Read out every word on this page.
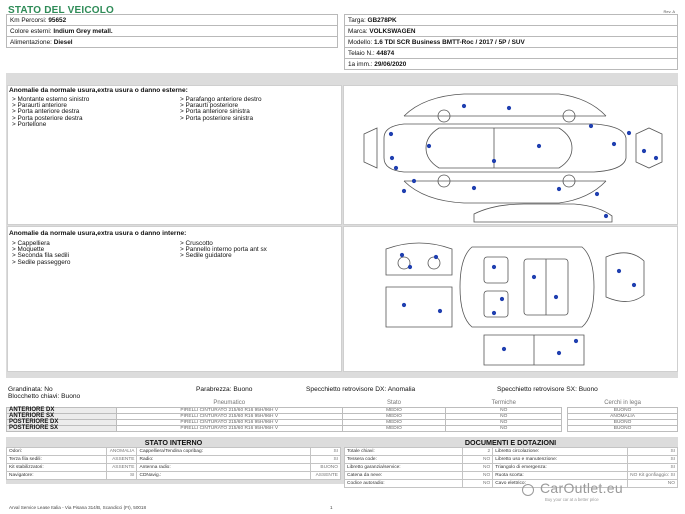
STATO DEL VEICOLO	Rev. A
Km Percorsi: 95652
Colore esterni: Indium Grey metall.
Alimentazione: Diesel
Targa: GB278PK
Marca: VOLKSWAGEN
Modello: 1.6 TDI SCR Business BMTT-Roc / 2017 / 5P / SUV
Telaio N.: 44874
1a imm.: 29/06/2020
Anomalie da normale usura,extra usura o danno esterne:
> Montante esterno sinistro
> Paraurti anteriore
> Porta anteriore destra
> Porta posteriore destra
> Portellone
> Parafango anteriore destro
> Paraurti posteriore
> Porta anteriore sinistra
> Porta posteriore sinistra
Anomalie da normale usura,extra usura o danno interne:
> Cappelliera
> Moquette
> Seconda fila sedili
> Sedile passeggero
> Cruscotto
> Pannello interno porta ant sx
> Sedile guidatore
Grandinata: No	Parabrezza: Buono	Specchietto retrovisore DX: Anomalia	Specchietto retrovisore SX: Buono
Blocchetto chiavi: Buono
	Pneumatico	Stato	Termiche		Cerchi in lega
ANTERIORE DX	PIRELLI CINTURATO 215/60 R16 95H/96H V	MEDIO	NO		BUONO
ANTERIORE SX	PIRELLI CINTURATO 215/60 R16 95H/96H V	MEDIO	NO		ANOMALIA
POSTERIORE DX	PIRELLI CINTURATO 215/60 R16 95H/96H V	MEDIO	NO		BUONO
POSTERIORE SX	PIRELLI CINTURATO 215/60 R16 95H/96H V	MEDIO	NO		BUONO
STATO INTERNO
Odori:	ANOMALIA	Cappelliera/Tendina copribag:	SI
Terza fila sedili:	ASSENTE	Radio:	SI
Kit stabilizzatori:	ASSENTE	Antenna radio:	BUONO
Navigatore:	SI	CDNavig.:	ASSENTE
DOCUMENTI E DOTAZIONI
Totale chiavi:	2	Libretto circolazione:	SI
Tessera code:	NO	Libretto uso e manutenzione:	SI
Libretto garanzia/service:	NO	Triangolo di emergenza:	SI
Catena da neve:	NO	Ruota scorta:	NO Kit gonfiaggio: SI
Codice autoradio:	NO	Cavo elettrico:	NO
Arval Service Lease Italia - Via Pisana 314/B, Scandicci (FI), 50018	1
CarOutlet.eu
Buy your car at a better price
